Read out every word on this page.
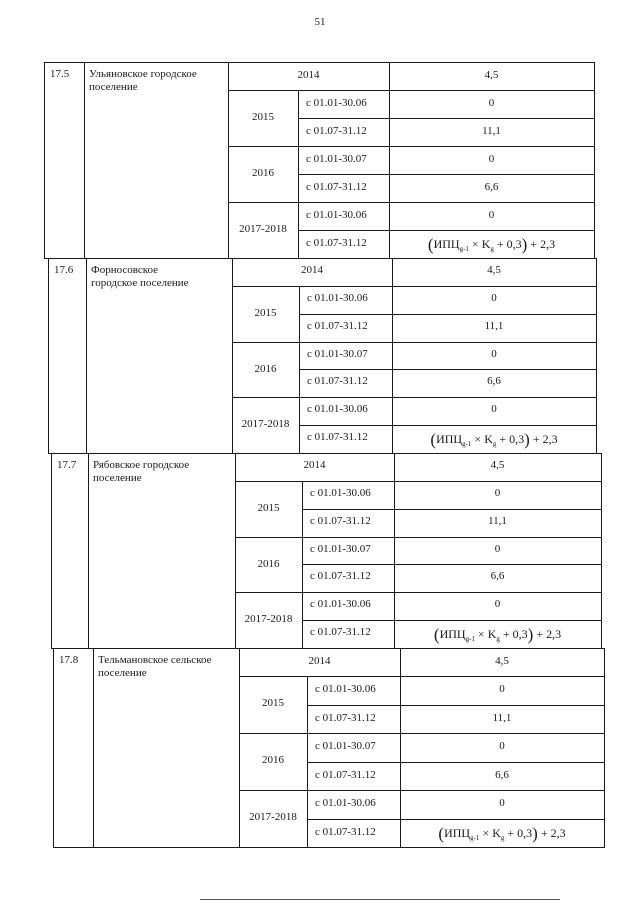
51
17.5 Ульяновское городское
поселение
2014	4,5
2015
с 01.01-30.06	0
с 01.07-31.12	11,1
2016
с 01.01-30.07	0
с 01.07-31.12	6,6
2017-2018
с 01.01-30.06	0
с 01.07-31.12	$(ИПЦ_{g-1} \times K_g + 0,3) + 2,3$
17.6 Форносовское
городское поселение
2014	4,5
2015
с 01.01-30.06	0
с 01.07-31.12	11,1
2016
с 01.01-30.07	0
с 01.07-31.12	6,6
2017-2018
с 01.01-30.06	0
с 01.07-31.12	$(ИПЦ_{g-1} \times K_g + 0,3) + 2,3$
17.7 Рябовское городское
поселение
2014	4,5
2015
с 01.01-30.06	0
с 01.07-31.12	11,1
2016
с 01.01-30.07	0
с 01.07-31.12	6,6
2017-2018
с 01.01-30.06	0
с 01.07-31.12	$(ИПЦ_{g-1} \times K_g + 0,3) + 2,3$
17.8 Тельмановское сельское
поселение
2014	4,5
2015
с 01.01-30.06	0
с 01.07-31.12	11,1
2016
с 01.01-30.07	0
с 01.07-31.12	6,6
2017-2018
с 01.01-30.06	0
с 01.07-31.12	$(ИПЦ_{g-1} \times K_g + 0,3) + 2,3$
